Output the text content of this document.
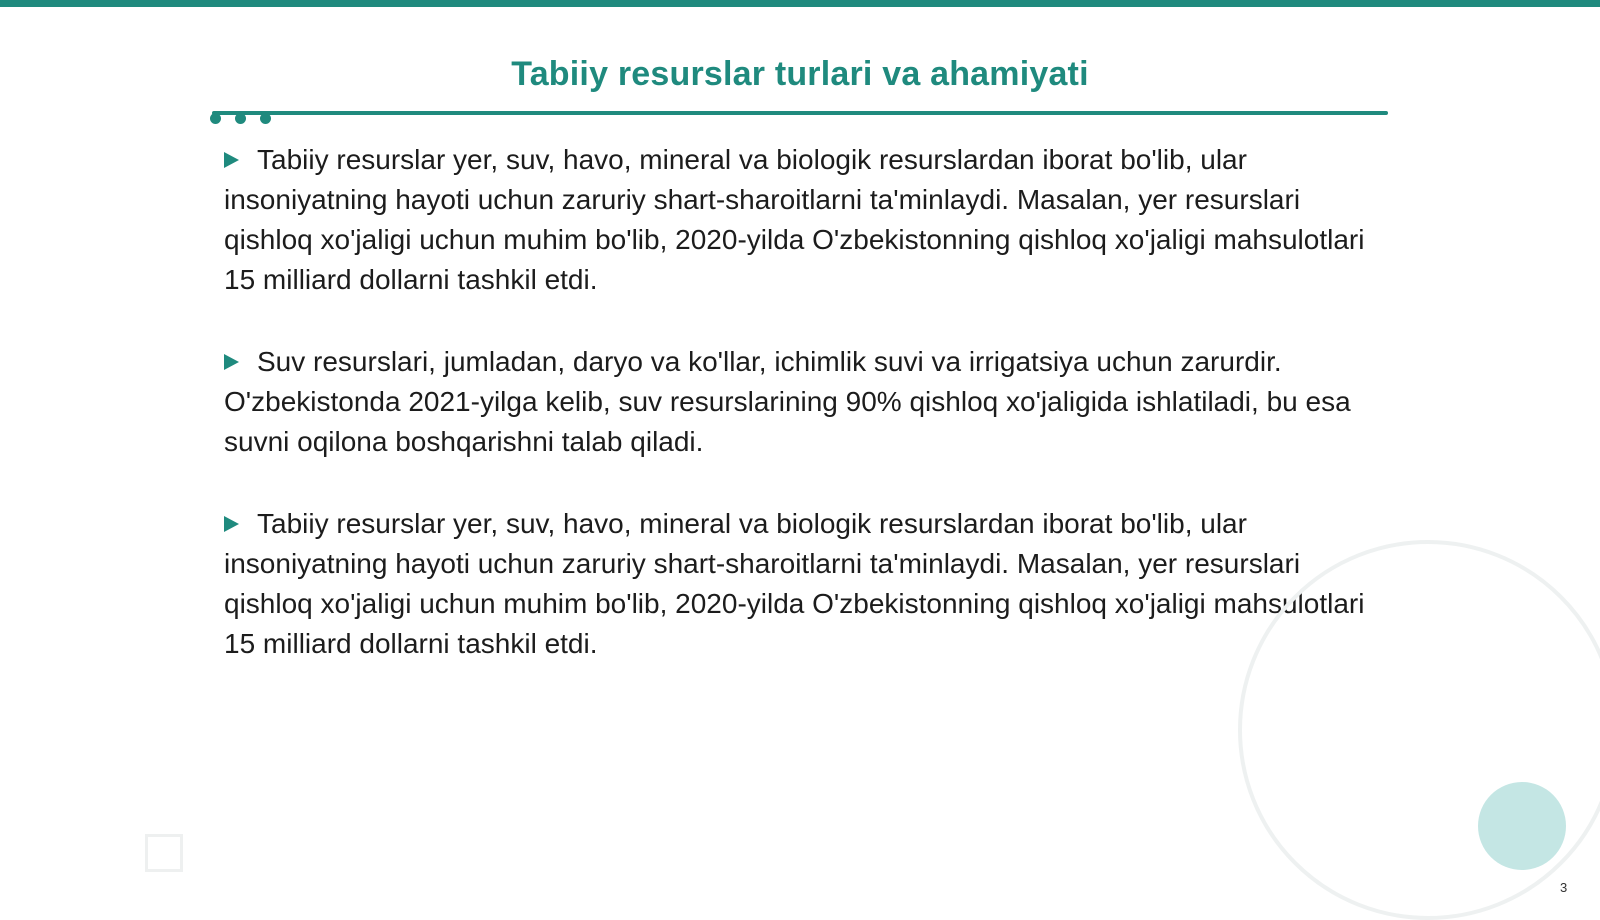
Tabiiy resurslar turlari va ahamiyati

Tabiiy resurslar yer, suv, havo, mineral va biologik resurslardan iborat bo'lib, ular insoniyatning hayoti uchun zaruriy shart-sharoitlarni ta'minlaydi. Masalan, yer resurslari qishloq xo'jaligi uchun muhim bo'lib, 2020-yilda O'zbekistonning qishloq xo'jaligi mahsulotlari 15 milliard dollarni tashkil etdi.

Suv resurslari, jumladan, daryo va ko'llar, ichimlik suvi va irrigatsiya uchun zarurdir. O'zbekistonda 2021-yilga kelib, suv resurslarining 90% qishloq xo'jaligida ishlatiladi, bu esa suvni oqilona boshqarishni talab qiladi.

Tabiiy resurslar yer, suv, havo, mineral va biologik resurslardan iborat bo'lib, ular insoniyatning hayoti uchun zaruriy shart-sharoitlarni ta'minlaydi. Masalan, yer resurslari qishloq xo'jaligi uchun muhim bo'lib, 2020-yilda O'zbekistonning qishloq xo'jaligi mahsulotlari 15 milliard dollarni tashkil etdi.

3
